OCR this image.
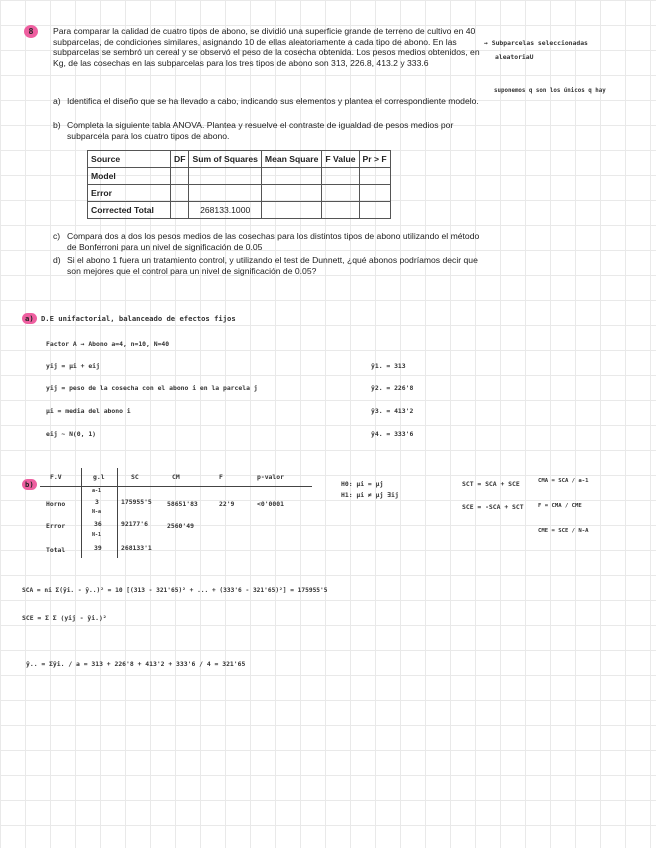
8	Para comparar la calidad de cuatro tipos de abono, se dividió una superficie grande de terreno de cultivo en 40 subparcelas, de condiciones similares, asignando 10 de ellas aleatoriamente a cada tipo de abono. En las subparcelas se sembró un cereal y se observó el peso de la cosecha obtenida. Los pesos medios obtenidos, en Kg, de las cosechas en las subparcelas para los tres tipos de abono son 313, 226.8, 413.2 y 333.6
a) Identifica el diseño que se ha llevado a cabo, indicando sus elementos y plantea el correspondiente modelo.
b) Completa la siguiente tabla ANOVA. Plantea y resuelve el contraste de igualdad de pesos medios por subparcela para los cuatro tipos de abono.
Source	DF	Sum of Squares	Mean Square	F Value	Pr > F
Model					
Error					
Corrected Total		268133.1000			
c) Compara dos a dos los pesos medios de las cosechas para los distintos tipos de abono utilizando el método de Bonferroni para un nivel de significación de 0.05
d) Si el abono 1 fuera un tratamiento control, y utilizando el test de Dunnett, ¿qué abonos podríamos decir que son mejores que el control para un nivel de significación de 0.05?
→ Subparcelas seleccionadas
aleatoriaU
suponemos q son los únicos q hay
a) D.E unifactorial, balanceado de efectos fijos
Factor A → Abono a=4, n=10, N=40
yij = μi + eij
yij = peso de la cosecha con el abono i en la parcela j
μi = media del abono i
eij ~ N(0, 1)
ȳ1. = 313
ȳ2. = 226'8
ȳ3. = 413'2
ȳ4. = 333'6
b)
F.V	g.l	SC	CM	F	p-valor
a-1
Horno	3	175955'5 58651'83	22'9	<0'0001
N-a
Error	36	92177'6	2560'49
N-1
Total	39	268133'1
H0: μi = μj
H1: μi ≠ μj ∃ij
SCT = SCA + SCE
SCE = -SCA + SCT
CMA = SCA / a-1
F = CMA / CME
CME = SCE / N-A
SCA = ni Σ(ȳi. - ȳ..)² = 10 [(313 - 321'65)² + ... + (333'6 - 321'65)²] = 175955'5
SCE = Σ Σ (yij - ȳi.)²
ȳ.. = Σȳi. / a = 313 + 226'8 + 413'2 + 333'6 / 4 = 321'65
